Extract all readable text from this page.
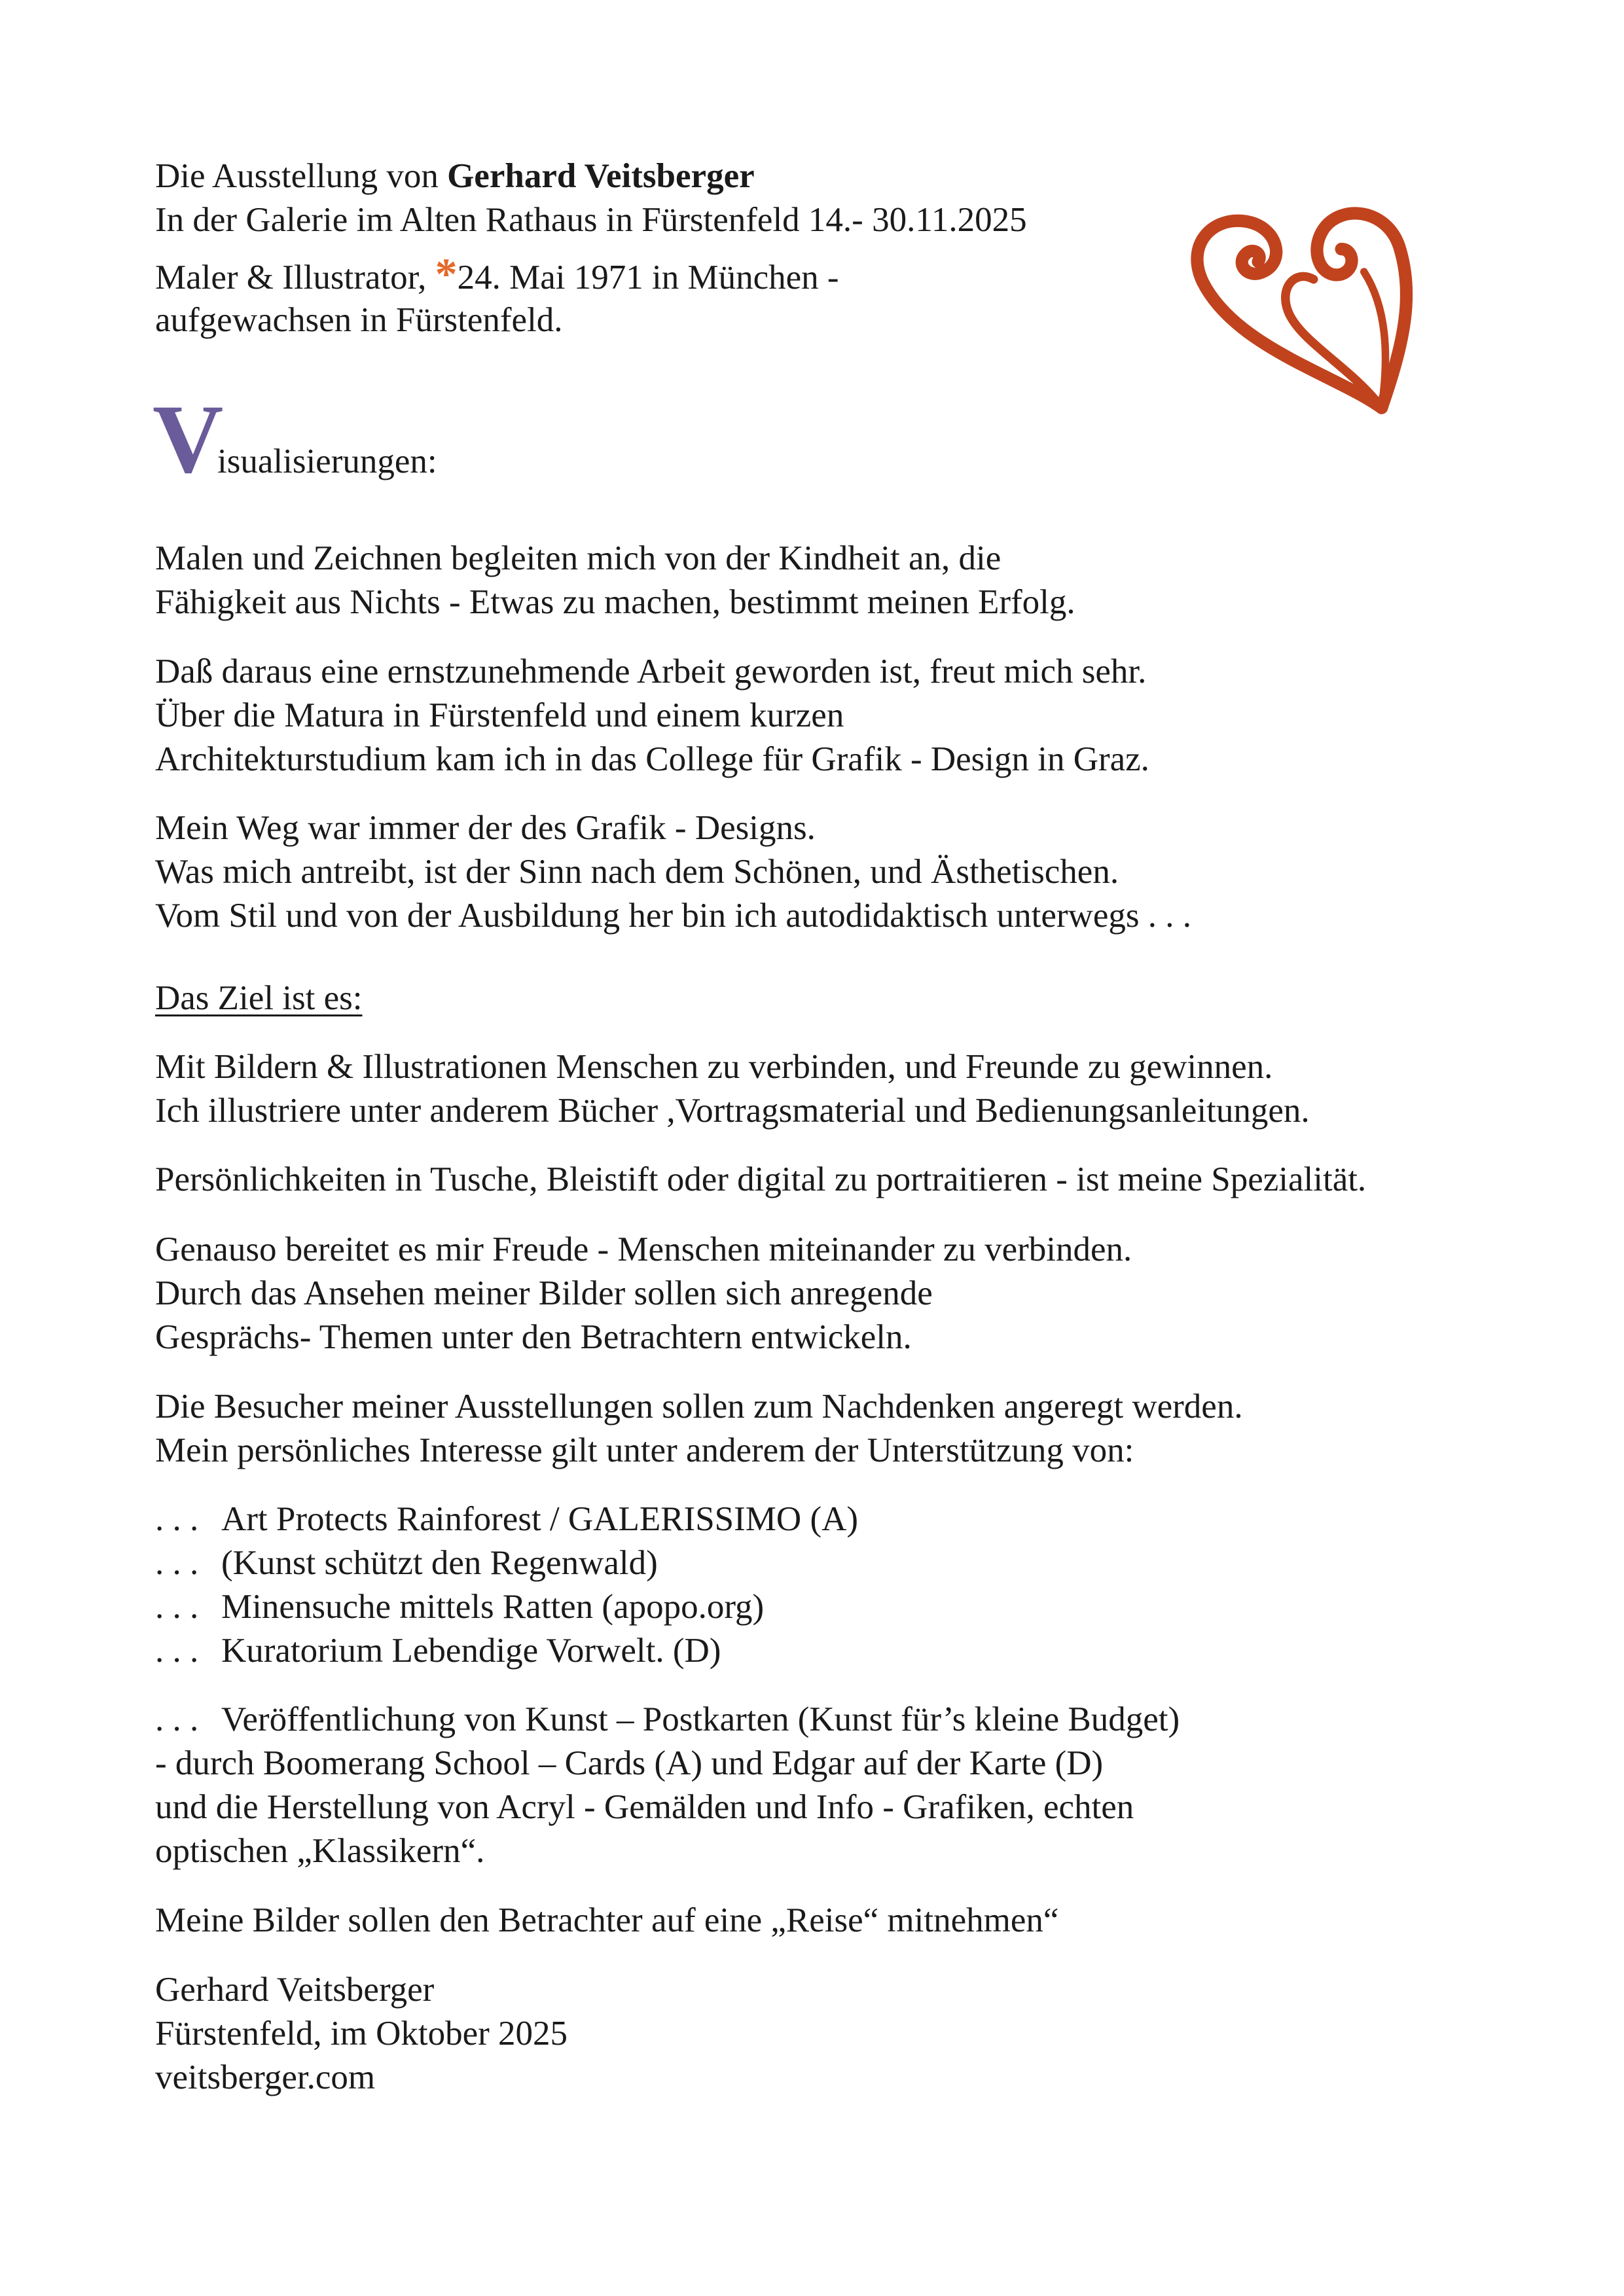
Die Ausstellung von Gerhard Veitsberger
In der Galerie im Alten Rathaus in Fürstenfeld 14.- 30.11.2025
Maler & Illustrator, *24. Mai 1971 in München -
aufgewachsen in Fürstenfeld.
V
isualisierungen:
Malen und Zeichnen begleiten mich von der Kindheit an, die
Fähigkeit aus Nichts - Etwas zu machen, bestimmt meinen Erfolg.
Daß daraus eine ernstzunehmende Arbeit geworden ist, freut mich sehr.
Über die Matura in Fürstenfeld und einem kurzen
Architekturstudium kam ich in das College für Grafik - Design in Graz.
Mein Weg war immer der des Grafik - Designs.
Was mich antreibt, ist der Sinn nach dem Schönen, und Ästhetischen.
Vom Stil und von der Ausbildung her bin ich autodidaktisch unterwegs . . .
Das Ziel ist es:
Mit Bildern & Illustrationen Menschen zu verbinden, und Freunde zu gewinnen.
Ich illustriere unter anderem Bücher ,Vortragsmaterial und Bedienungsanleitungen.
Persönlichkeiten in Tusche, Bleistift oder digital zu portraitieren - ist meine Spezialität.
Genauso bereitet es mir Freude - Menschen miteinander zu verbinden.
Durch das Ansehen meiner Bilder sollen sich anregende
Gesprächs- Themen unter den Betrachtern entwickeln.
Die Besucher meiner Ausstellungen sollen zum Nachdenken angeregt werden.
Mein persönliches Interesse gilt unter anderem der Unterstützung von:
. . . Art Protects Rainforest / GALERISSIMO (A)
. . . (Kunst schützt den Regenwald)
. . . Minensuche mittels Ratten (apopo.org)
. . . Kuratorium Lebendige Vorwelt. (D)
. . . Veröffentlichung von Kunst – Postkarten (Kunst für’s kleine Budget)
- durch Boomerang School – Cards (A) und Edgar auf der Karte (D)
und die Herstellung von Acryl - Gemälden und Info - Grafiken, echten
optischen „Klassikern“.
Meine Bilder sollen den Betrachter auf eine „Reise“ mitnehmen“
Gerhard Veitsberger
Fürstenfeld, im Oktober 2025
veitsberger.com
